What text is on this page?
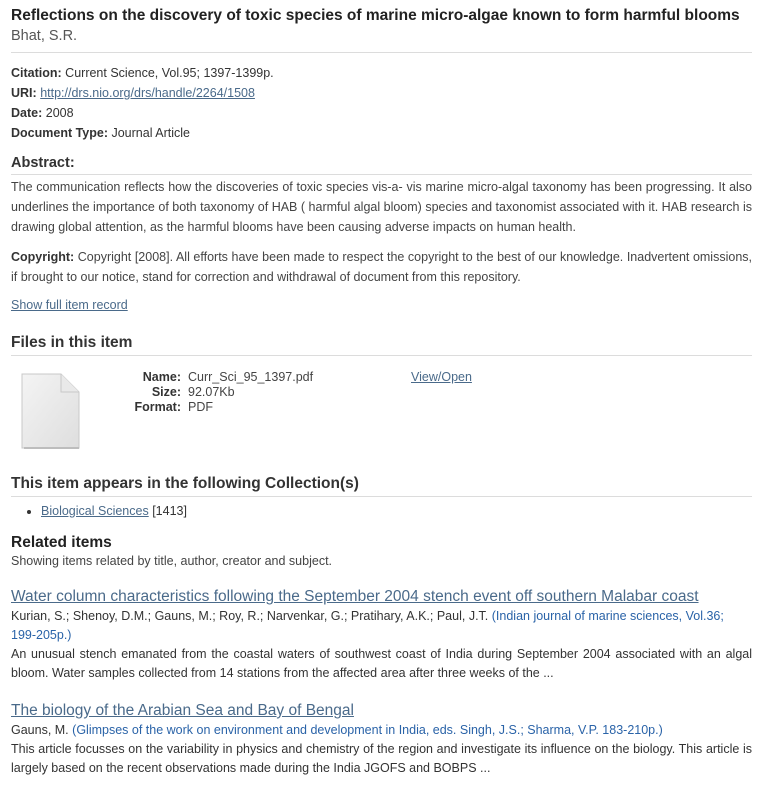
Reflections on the discovery of toxic species of marine micro-algae known to form harmful blooms
Bhat, S.R.
Citation: Current Science, Vol.95; 1397-1399p.
URI: http://drs.nio.org/drs/handle/2264/1508
Date: 2008
Document Type: Journal Article
Abstract:

The communication reflects how the discoveries of toxic species vis-a- vis marine micro-algal taxonomy has been progressing. It also underlines the importance of both taxonomy of HAB ( harmful algal bloom) species and taxonomist associated with it. HAB research is drawing global attention, as the harmful blooms have been causing adverse impacts on human health.

Copyright: Copyright [2008]. All efforts have been made to respect the copyright to the best of our knowledge. Inadvertent omissions, if brought to our notice, stand for correction and withdrawal of document from this repository.

Show full item record
Files in this item
Name:
Size:
Format:
Curr_Sci_95_1397.pdf
92.07Kb
PDF
View/Open
This item appears in the following Collection(s)
• Biological Sciences [1413]
Related items
Showing items related by title, author, creator and subject.
Water column characteristics following the September 2004 stench event off southern Malabar coast
Kurian, S.; Shenoy, D.M.; Gauns, M.; Roy, R.; Narvenkar, G.; Pratihary, A.K.; Paul, J.T. (Indian journal of marine sciences, Vol.36; 199-205p.)
An unusual stench emanated from the coastal waters of southwest coast of India during September 2004 associated with an algal bloom. Water samples collected from 14 stations from the affected area after three weeks of the ...
The biology of the Arabian Sea and Bay of Bengal
Gauns, M. (Glimpses of the work on environment and development in India, eds. Singh, J.S.; Sharma, V.P. 183-210p.)
This article focusses on the variability in physics and chemistry of the region and investigate its influence on the biology. This article is largely based on the recent observations made during the India JGOFS and BOBPS ...
